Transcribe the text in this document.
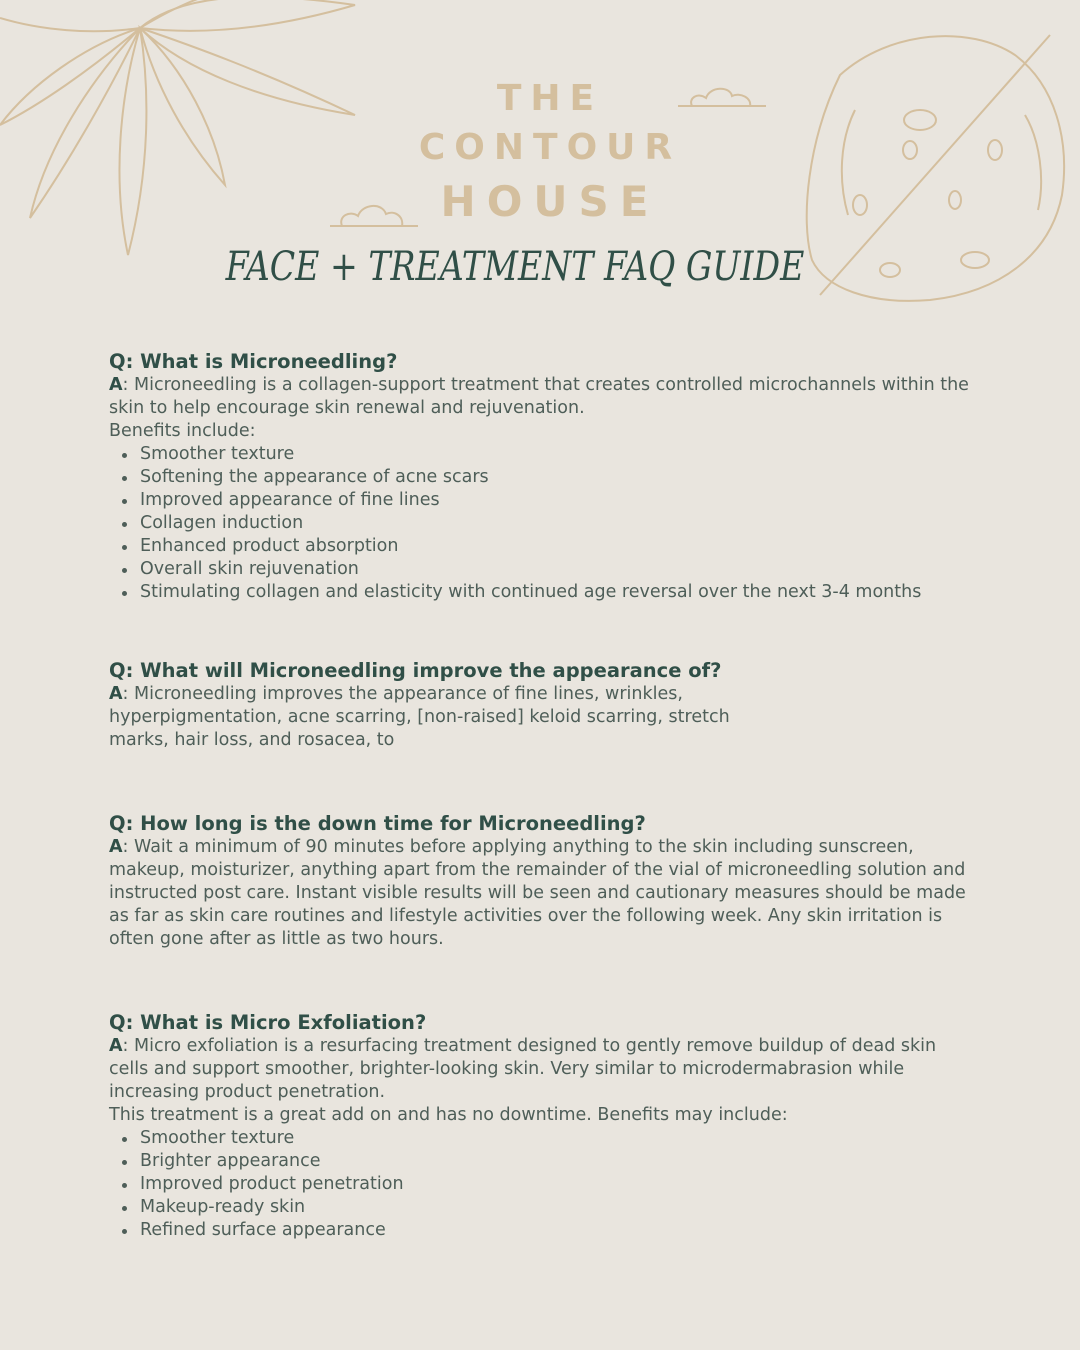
THE
CONTOUR
HOUSE
FACE + TREATMENT FAQ GUIDE

Q: What is Microneedling?

A: Microneedling is a collagen-support treatment that creates controlled microchannels within the skin to help encourage skin renewal and rejuvenation.

Benefits include:

Smoother texture
Softening the appearance of acne scars
Improved appearance of fine lines
Collagen induction
Enhanced product absorption
Overall skin rejuvenation
Stimulating collagen and elasticity with continued age reversal over the next 3-4 months

Q: What will Microneedling improve the appearance of?

A: Microneedling improves the appearance of fine lines, wrinkles, hyperpigmentation, acne scarring, [non-raised] keloid scarring, stretch marks, hair loss, and rosacea, to

Q: How long is the down time for Microneedling?

A: Wait a minimum of 90 minutes before applying anything to the skin including sunscreen, makeup, moisturizer, anything apart from the remainder of the vial of microneedling solution and instructed post care. Instant visible results will be seen and cautionary measures should be made as far as skin care routines and lifestyle activities over the following week. Any skin irritation is often gone after as little as two hours.

Q: What is Micro Exfoliation?

A: Micro exfoliation is a resurfacing treatment designed to gently remove buildup of dead skin cells and support smoother, brighter-looking skin. Very similar to microdermabrasion while increasing product penetration.

This treatment is a great add on and has no downtime. Benefits may include:

Smoother texture
Brighter appearance
Improved product penetration
Makeup-ready skin
Refined surface appearance
